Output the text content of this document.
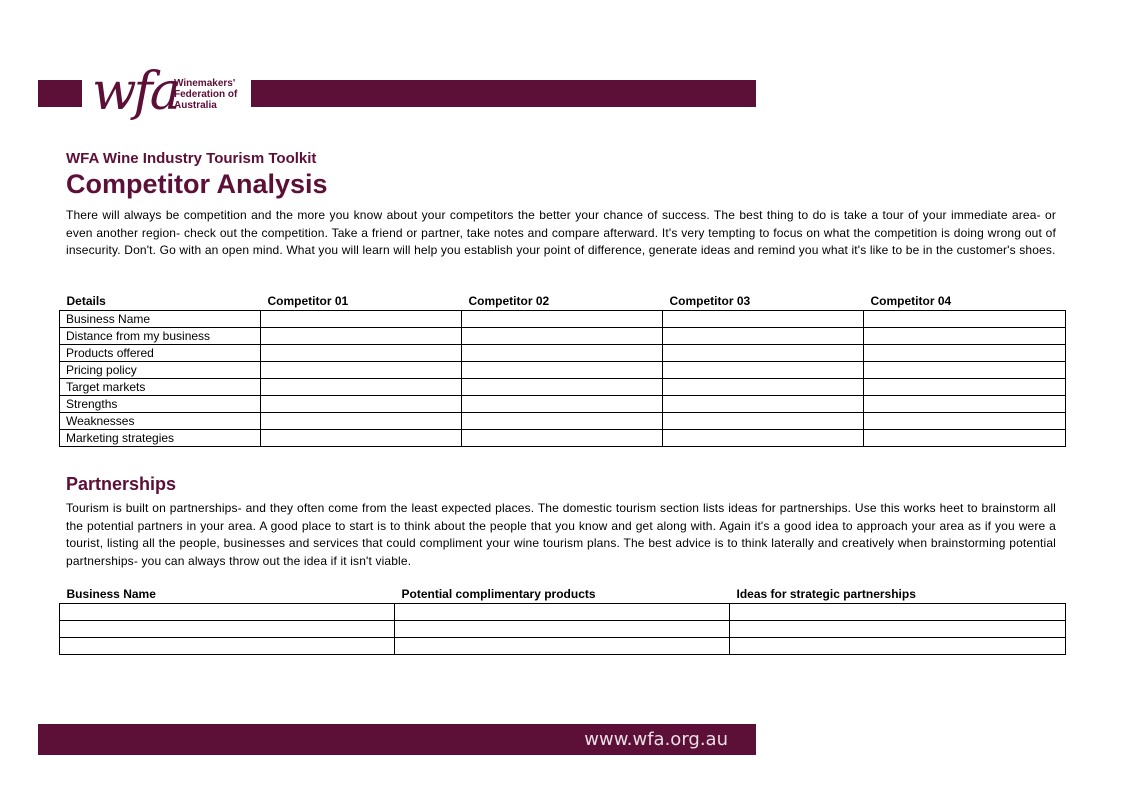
wfa
Winemakers'
Federation of
Australia
WFA Wine Industry Tourism Toolkit
Competitor Analysis
There will always be competition and the more you know about your competitors the better your chance of success. The best thing to do is take a tour of your immediate area- or even another region- check out the competition. Take a friend or partner, take notes and compare afterward. It's very tempting to focus on what the competition is doing wrong out of insecurity. Don't. Go with an open mind. What you will learn will help you establish your point of difference, generate ideas and remind you what it's like to be in the customer's shoes.
Details	Competitor 01	Competitor 02	Competitor 03	Competitor 04
Business Name				
Distance from my business				
Products offered				
Pricing policy				
Target markets				
Strengths				
Weaknesses				
Marketing strategies				
Partnerships
Tourism is built on partnerships- and they often come from the least expected places. The domestic tourism section lists ideas for partnerships. Use this works heet to brainstorm all the potential partners in your area. A good place to start is to think about the people that you know and get along with. Again it's a good idea to approach your area as if you were a tourist, listing all the people, businesses and services that could compliment your wine tourism plans. The best advice is to think laterally and creatively when brainstorming potential partnerships- you can always throw out the idea if it isn't viable.
Business Name	Potential complimentary products	Ideas for strategic partnerships

www.wfa.org.au
